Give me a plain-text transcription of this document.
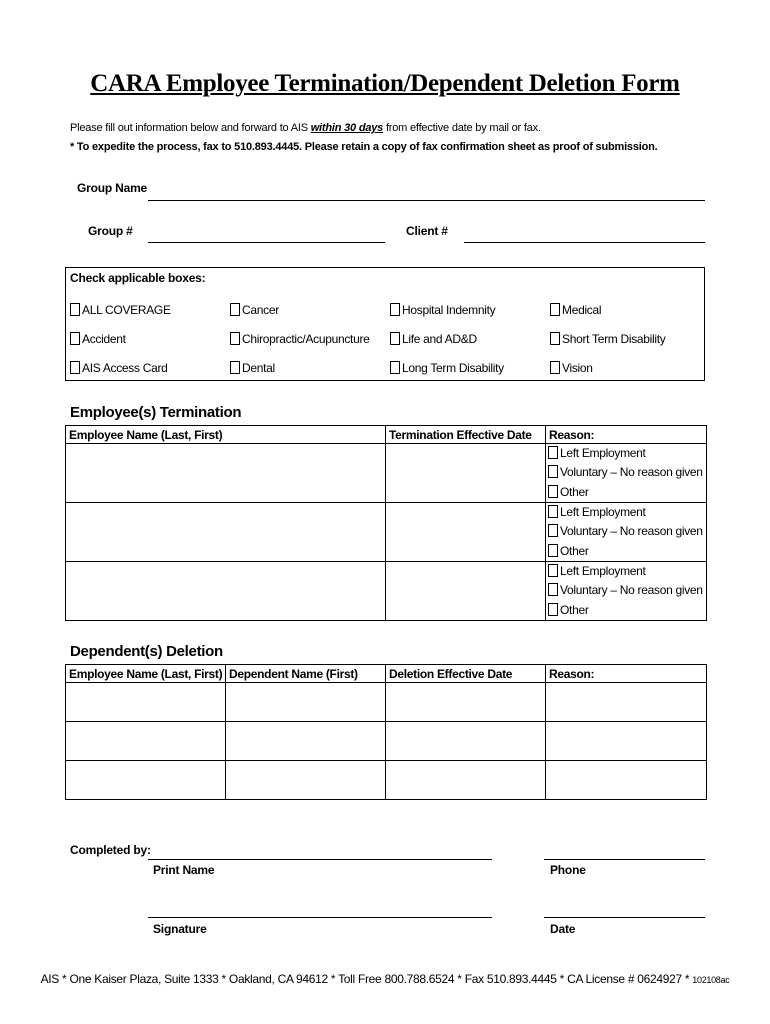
CARA Employee Termination/Dependent Deletion Form
Please fill out information below and forward to AIS within 30 days from effective date by mail or fax.
* To expedite the process, fax to 510.893.4445. Please retain a copy of fax confirmation sheet as proof of submission.
Group Name
Group #	Client #
Check applicable boxes:
ALL COVERAGE	Cancer	Hospital Indemnity	Medical
Accident	Chiropractic/Acupuncture	Life and AD&D	Short Term Disability
AIS Access Card	Dental	Long Term Disability	Vision
Employee(s) Termination
Employee Name (Last, First)	Termination Effective Date	Reason:

		Left Employment
Voluntary – No reason given
Other

		Left Employment
Voluntary – No reason given
Other

		Left Employment
Voluntary – No reason given
Other
Dependent(s) Deletion
Employee Name (Last, First)	Dependent Name (First)	Deletion Effective Date	Reason:

Completed by:
Print Name	Phone
Signature	Date
AIS * One Kaiser Plaza, Suite 1333 * Oakland, CA 94612 * Toll Free 800.788.6524 * Fax 510.893.4445 * CA License # 0624927 * 102108ac
